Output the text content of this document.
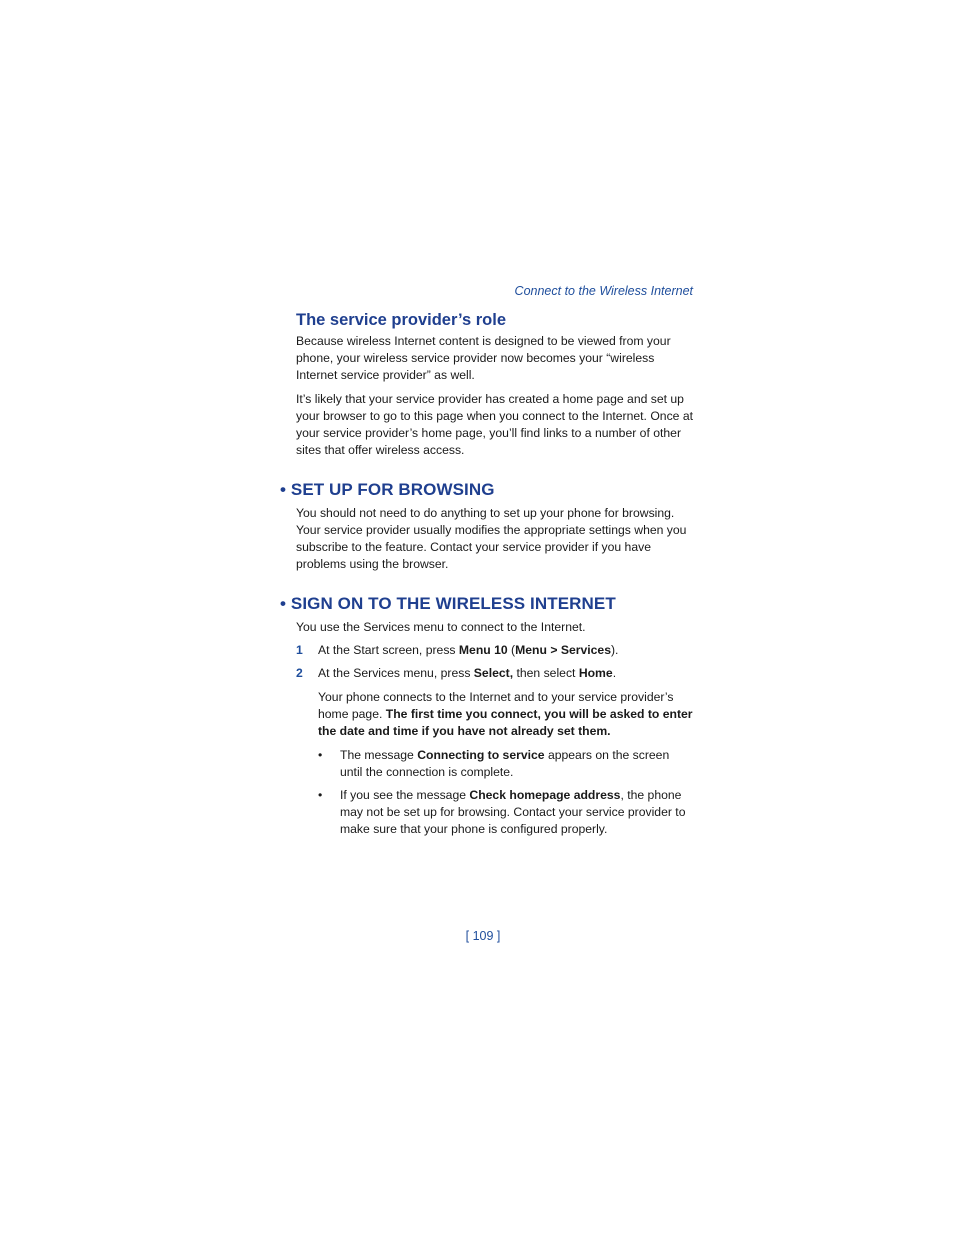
Connect to the Wireless Internet
The service provider’s role

Because wireless Internet content is designed to be viewed from your phone, your wireless service provider now becomes your “wireless Internet service provider” as well.

It’s likely that your service provider has created a home page and set up your browser to go to this page when you connect to the Internet. Once at your service provider’s home page, you’ll find links to a number of other sites that offer wireless access.

• SET UP FOR BROWSING

You should not need to do anything to set up your phone for browsing. Your service provider usually modifies the appropriate settings when you subscribe to the feature. Contact your service provider if you have problems using the browser.

• SIGN ON TO THE WIRELESS INTERNET

You use the Services menu to connect to the Internet.

1 At the Start screen, press Menu 10 (Menu > Services).
2 At the Services menu, press Select, then select Home.

Your phone connects to the Internet and to your service provider’s home page. The first time you connect, you will be asked to enter the date and time if you have not already set them.

• The message Connecting to service appears on the screen until the connection is complete.
• If you see the message Check homepage address, the phone may not be set up for browsing. Contact your service provider to make sure that your phone is configured properly.
[ 109 ]
